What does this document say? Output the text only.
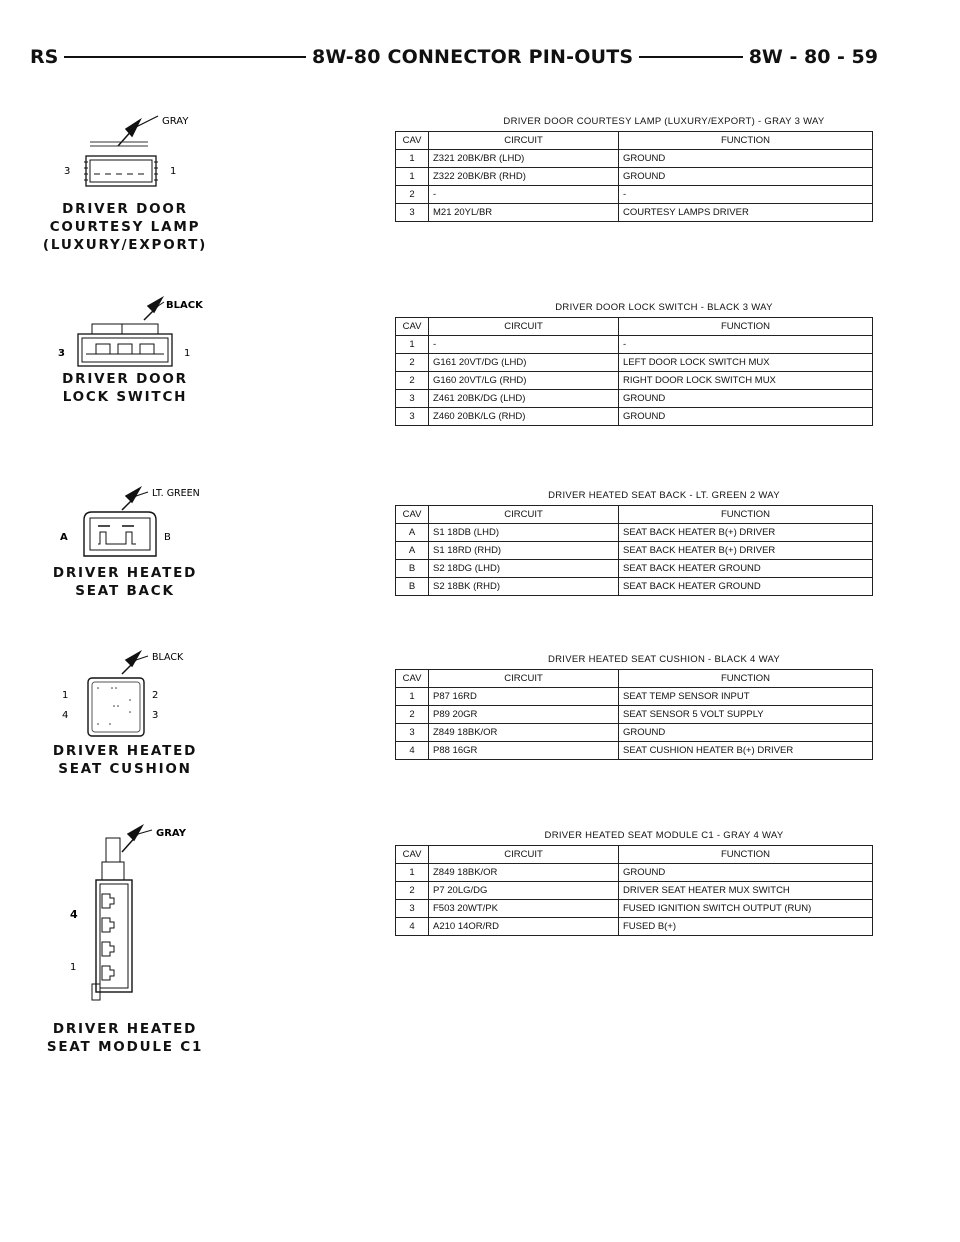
RS	8W-80 CONNECTOR PIN-OUTS	8W - 80 - 59
GRAY
3	1
DRIVER DOOR
COURTESY LAMP
(LUXURY/EXPORT)
DRIVER DOOR COURTESY LAMP (LUXURY/EXPORT) - GRAY 3 WAY
CAV	CIRCUIT	FUNCTION
1	Z321 20BK/BR (LHD)	GROUND
1	Z322 20BK/BR (RHD)	GROUND
2	-	-
3	M21 20YL/BR	COURTESY LAMPS DRIVER
BLACK
3	1
DRIVER DOOR
LOCK SWITCH
DRIVER DOOR LOCK SWITCH - BLACK 3 WAY
CAV	CIRCUIT	FUNCTION
1	-	-
2	G161 20VT/DG (LHD)	LEFT DOOR LOCK SWITCH MUX
2	G160 20VT/LG (RHD)	RIGHT DOOR LOCK SWITCH MUX
3	Z461 20BK/DG (LHD)	GROUND
3	Z460 20BK/LG (RHD)	GROUND
LT. GREEN
A	B
DRIVER HEATED
SEAT BACK
DRIVER HEATED SEAT BACK - LT. GREEN 2 WAY
CAV	CIRCUIT	FUNCTION
A	S1 18DB (LHD)	SEAT BACK HEATER B(+) DRIVER
A	S1 18RD (RHD)	SEAT BACK HEATER B(+) DRIVER
B	S2 18DG (LHD)	SEAT BACK HEATER GROUND
B	S2 18BK (RHD)	SEAT BACK HEATER GROUND
BLACK
1	2
3
4
DRIVER HEATED
SEAT CUSHION
DRIVER HEATED SEAT CUSHION - BLACK 4 WAY
CAV	CIRCUIT	FUNCTION
1	P87 16RD	SEAT TEMP SENSOR INPUT
2	P89 20GR	SEAT SENSOR 5 VOLT SUPPLY
3	Z849 18BK/OR	GROUND
4	P88 16GR	SEAT CUSHION HEATER B(+) DRIVER
GRAY
4
1
DRIVER HEATED
SEAT MODULE C1
DRIVER HEATED SEAT MODULE C1 - GRAY 4 WAY
CAV	CIRCUIT	FUNCTION
1	Z849 18BK/OR	GROUND
2	P7 20LG/DG	DRIVER SEAT HEATER MUX SWITCH
3	F503 20WT/PK	FUSED IGNITION SWITCH OUTPUT (RUN)
4	A210 14OR/RD	FUSED B(+)
